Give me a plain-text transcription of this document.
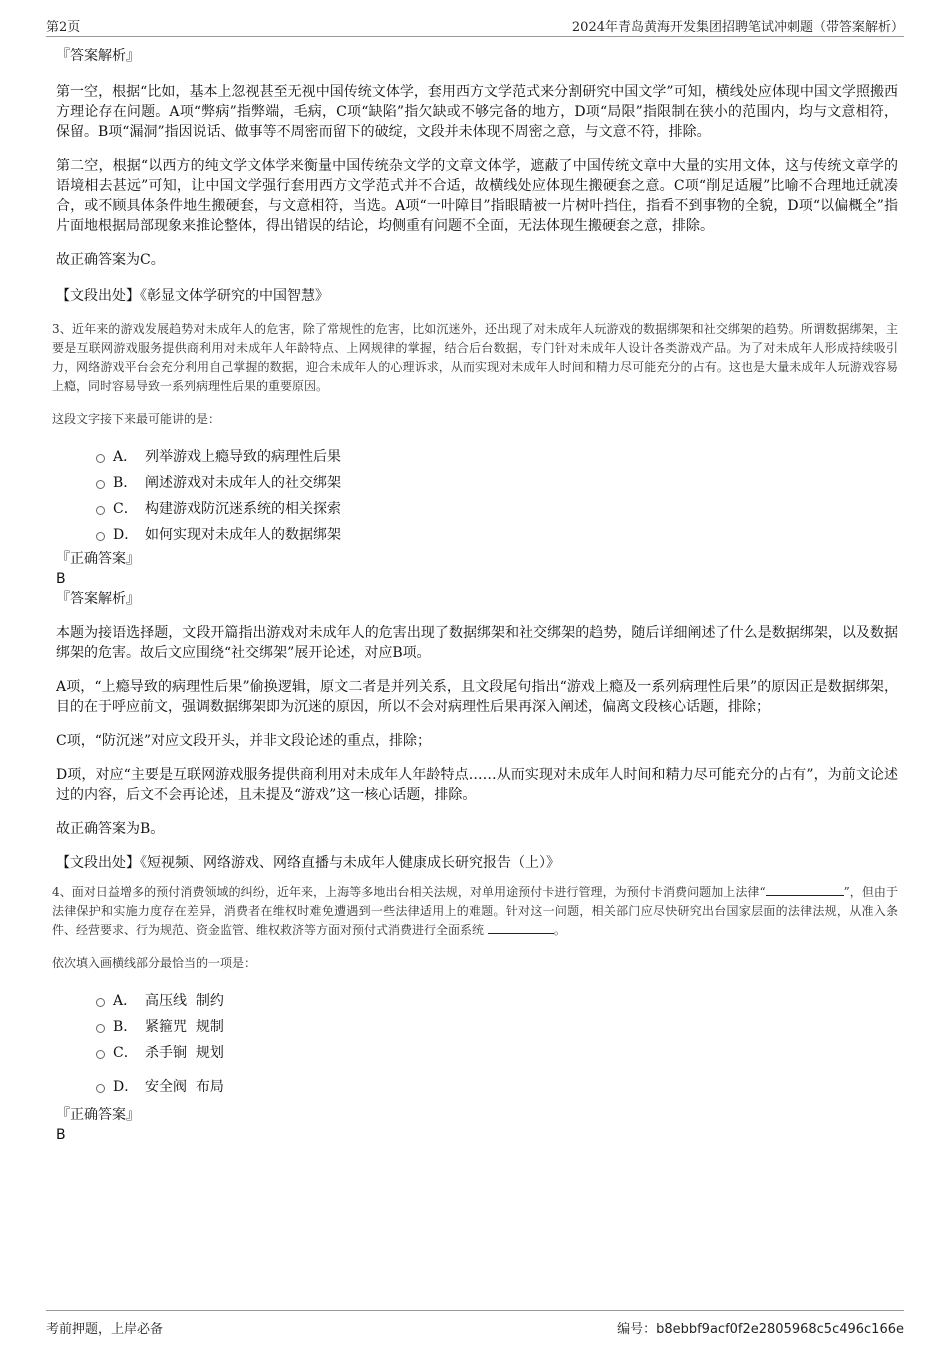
第2页	2024年青岛黄海开发集团招聘笔试冲刺题（带答案解析）

『答案解析』

第一空，根据“比如，基本上忽视甚至无视中国传统文体学，套用西方文学范式来分割研究中国文学”可知，横线处应体现中国文学照搬西方理论存在问题。A项“弊病”指弊端，毛病，C项“缺陷”指欠缺或不够完备的地方，D项“局限”指限制在狭小的范围内，均与文意相符，保留。B项“漏洞”指因说话、做事等不周密而留下的破绽，文段并未体现不周密之意，与文意不符，排除。

第二空，根据“以西方的纯文学文体学来衡量中国传统杂文学的文章文体学，遮蔽了中国传统文章中大量的实用文体，这与传统文章学的语境相去甚远”可知，让中国文学强行套用西方文学范式并不合适，故横线处应体现生搬硬套之意。C项“削足适履”比喻不合理地迁就凑合，或不顾具体条件地生搬硬套，与文意相符，当选。A项“一叶障目”指眼睛被一片树叶挡住，指看不到事物的全貌，D项“以偏概全”指片面地根据局部现象来推论整体，得出错误的结论，均侧重有问题不全面，无法体现生搬硬套之意，排除。

故正确答案为C。

【文段出处】《彰显文体学研究的中国智慧》

3、近年来的游戏发展趋势对未成年人的危害，除了常规性的危害，比如沉迷外，还出现了对未成年人玩游戏的数据绑架和社交绑架的趋势。所谓数据绑架，主要是互联网游戏服务提供商利用对未成年人年龄特点、上网规律的掌握，结合后台数据，专门针对未成年人设计各类游戏产品。为了对未成年人形成持续吸引力，网络游戏平台会充分利用自己掌握的数据，迎合未成年人的心理诉求，从而实现对未成年人时间和精力尽可能充分的占有。这也是大量未成年人玩游戏容易上瘾，同时容易导致一系列病理性后果的重要原因。

这段文字接下来最可能讲的是：

A． 列举游戏上瘾导致的病理性后果
B． 阐述游戏对未成年人的社交绑架
C． 构建游戏防沉迷系统的相关探索
D． 如何实现对未成年人的数据绑架

『正确答案』

B

『答案解析』

本题为接语选择题，文段开篇指出游戏对未成年人的危害出现了数据绑架和社交绑架的趋势，随后详细阐述了什么是数据绑架，以及数据绑架的危害。故后文应围绕“社交绑架”展开论述，对应B项。

A项，“上瘾导致的病理性后果”偷换逻辑，原文二者是并列关系，且文段尾句指出“游戏上瘾及一系列病理性后果”的原因正是数据绑架，目的在于呼应前文，强调数据绑架即为沉迷的原因，所以不会对病理性后果再深入阐述，偏离文段核心话题，排除；

C项，“防沉迷”对应文段开头，并非文段论述的重点，排除；

D项，对应“主要是互联网游戏服务提供商利用对未成年人年龄特点……从而实现对未成年人时间和精力尽可能充分的占有”，为前文论述过的内容，后文不会再论述，且未提及“游戏”这一核心话题，排除。

故正确答案为B。

【文段出处】《短视频、网络游戏、网络直播与未成年人健康成长研究报告（上）》

4、面对日益增多的预付消费领域的纠纷，近年来，上海等多地出台相关法规，对单用途预付卡进行管理，为预付卡消费问题加上法律“	”，但由于法律保护和实施力度存在差异，消费者在维权时难免遭遇到一些法律适用上的难题。针对这一问题，相关部门应尽快研究出台国家层面的法律法规，从准入条件、经营要求、行为规范、资金监管、维权救济等方面对预付式消费进行全面系统	。

依次填入画横线部分最恰当的一项是：

A． 高压线  制约
B． 紧箍咒  规制
C． 杀手锏  规划
D． 安全阀  布局

『正确答案』

B

考前押题，上岸必备	编号：b8ebbf9acf0f2e2805968c5c496c166e
